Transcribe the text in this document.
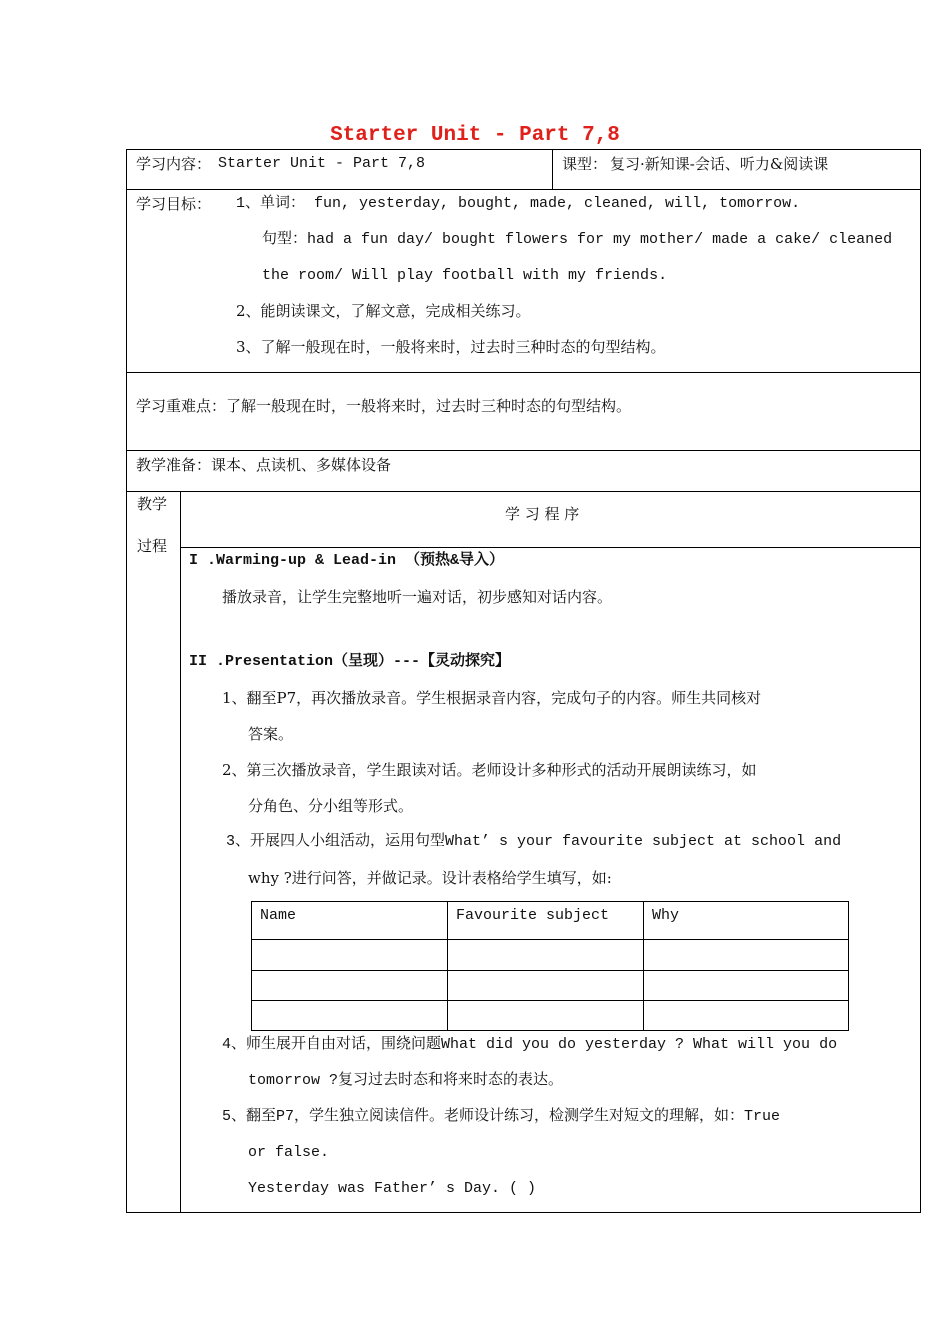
Starter Unit - Part 7,8
学习内容： Starter Unit - Part 7,8	课型： 复习·新知课-会话、听力&阅读课
学习目标： 1、单词： fun, yesterday, bought, made, cleaned, will, tomorrow.
句型：had a fun day/ bought flowers for my mother/ made a cake/ cleaned
the room/ Will play football with my friends.
2、能朗读课文，了解文意，完成相关练习。
3、了解一般现在时，一般将来时，过去时三种时态的句型结构。
学习重难点：了解一般现在时，一般将来时，过去时三种时态的句型结构。
教学准备：课本、点读机、多媒体设备
教学
过程
学 习 程 序
I .Warming-up & Lead-in （预热&导入）
播放录音，让学生完整地听一遍对话，初步感知对话内容。
II .Presentation（呈现）---【灵动探究】
1、翻至P7，再次播放录音。学生根据录音内容，完成句子的内容。师生共同核对
答案。
2、第三次播放录音，学生跟读对话。老师设计多种形式的活动开展朗读练习，如
分角色、分小组等形式。
3、开展四人小组活动，运用句型What’ s your favourite subject at school and
why ?进行问答，并做记录。设计表格给学生填写，如:
Name	Favourite subject	Why
4、师生展开自由对话，围绕问题What did you do yesterday ? What will you do
tomorrow ?复习过去时态和将来时态的表达。
5、翻至P7，学生独立阅读信件。老师设计练习，检测学生对短文的理解，如：True
or false.
Yesterday was Father’ s Day. ( )
